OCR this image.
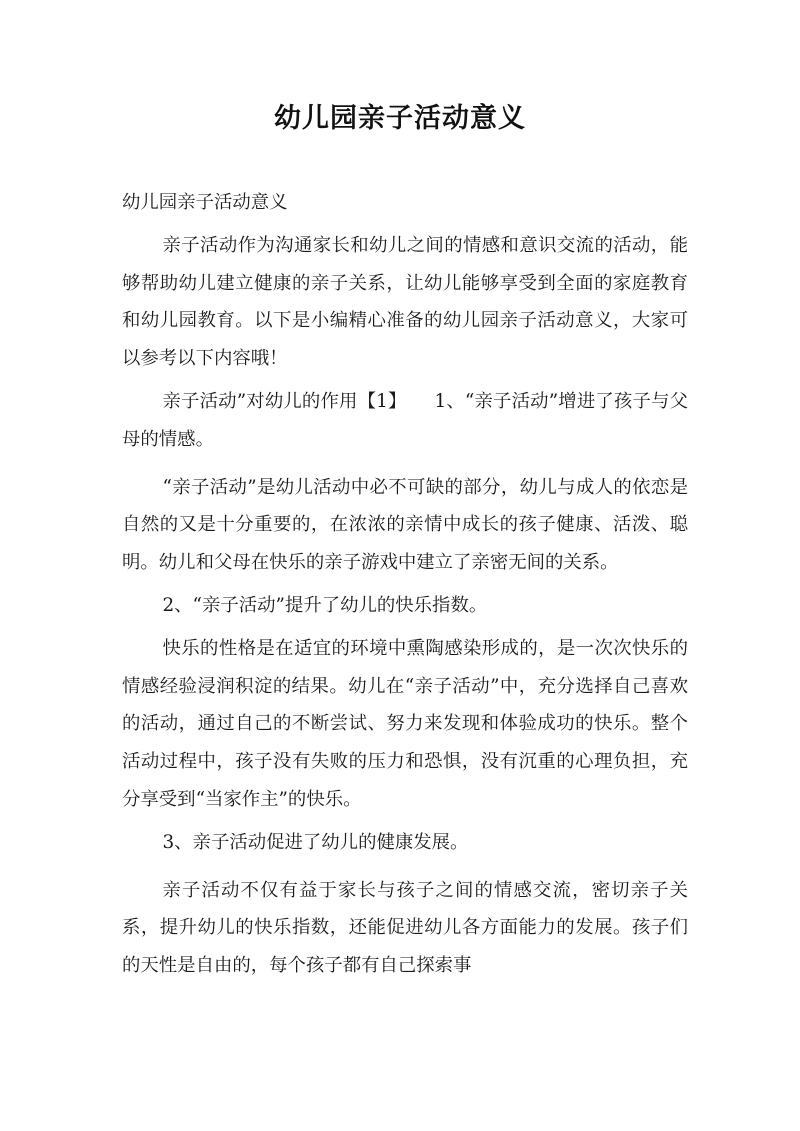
幼儿园亲子活动意义

幼儿园亲子活动意义

亲子活动作为沟通家长和幼儿之间的情感和意识交流的活动，能够帮助幼儿建立健康的亲子关系，让幼儿能够享受到全面的家庭教育和幼儿园教育。以下是小编精心准备的幼儿园亲子活动意义，大家可以参考以下内容哦！

亲子活动”对幼儿的作用【1】　　1、“亲子活动”增进了孩子与父母的情感。

“亲子活动”是幼儿活动中必不可缺的部分，幼儿与成人的依恋是自然的又是十分重要的，在浓浓的亲情中成长的孩子健康、活泼、聪明。幼儿和父母在快乐的亲子游戏中建立了亲密无间的关系。

2、“亲子活动”提升了幼儿的快乐指数。

快乐的性格是在适宜的环境中熏陶感染形成的，是一次次快乐的情感经验浸润积淀的结果。幼儿在“亲子活动”中，充分选择自己喜欢的活动，通过自己的不断尝试、努力来发现和体验成功的快乐。整个活动过程中，孩子没有失败的压力和恐惧，没有沉重的心理负担，充分享受到“当家作主”的快乐。

3、亲子活动促进了幼儿的健康发展。

亲子活动不仅有益于家长与孩子之间的情感交流，密切亲子关系，提升幼儿的快乐指数，还能促进幼儿各方面能力的发展。孩子们的天性是自由的，每个孩子都有自己探索事
